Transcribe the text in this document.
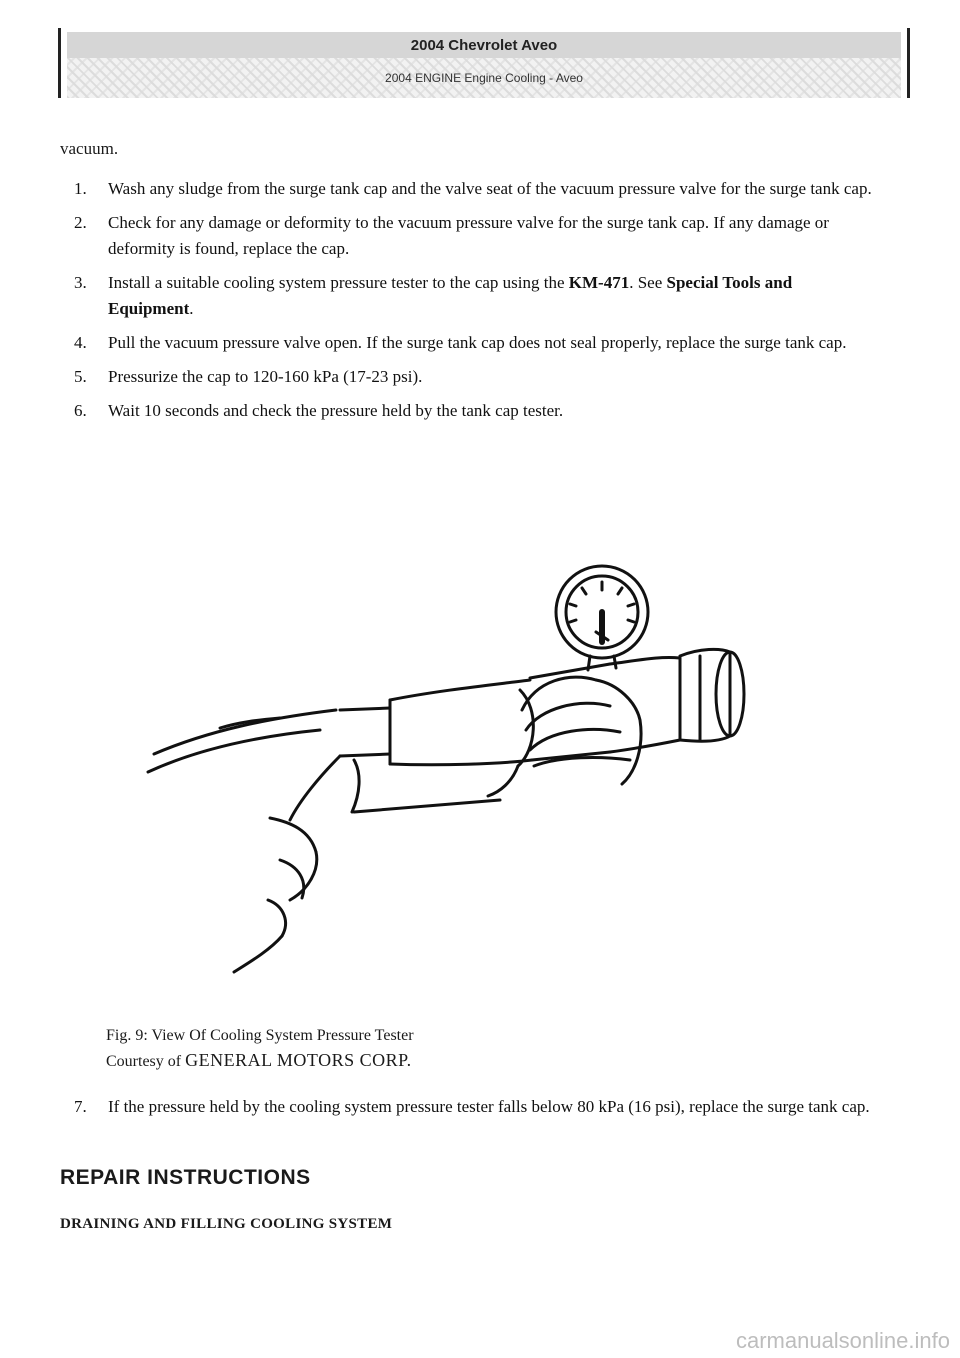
2004 Chevrolet Aveo
2004 ENGINE Engine Cooling - Aveo
vacuum.
1. Wash any sludge from the surge tank cap and the valve seat of the vacuum pressure valve for the surge tank cap.
2. Check for any damage or deformity to the vacuum pressure valve for the surge tank cap. If any damage or deformity is found, replace the cap.
3. Install a suitable cooling system pressure tester to the cap using the KM-471. See Special Tools and Equipment.
4. Pull the vacuum pressure valve open. If the surge tank cap does not seal properly, replace the surge tank cap.
5. Pressurize the cap to 120-160 kPa (17-23 psi).
6. Wait 10 seconds and check the pressure held by the tank cap tester.
Fig. 9: View Of Cooling System Pressure Tester
Courtesy of GENERAL MOTORS CORP.
7. If the pressure held by the cooling system pressure tester falls below 80 kPa (16 psi), replace the surge tank cap.
REPAIR INSTRUCTIONS
DRAINING AND FILLING COOLING SYSTEM
carmanualsonline.info
